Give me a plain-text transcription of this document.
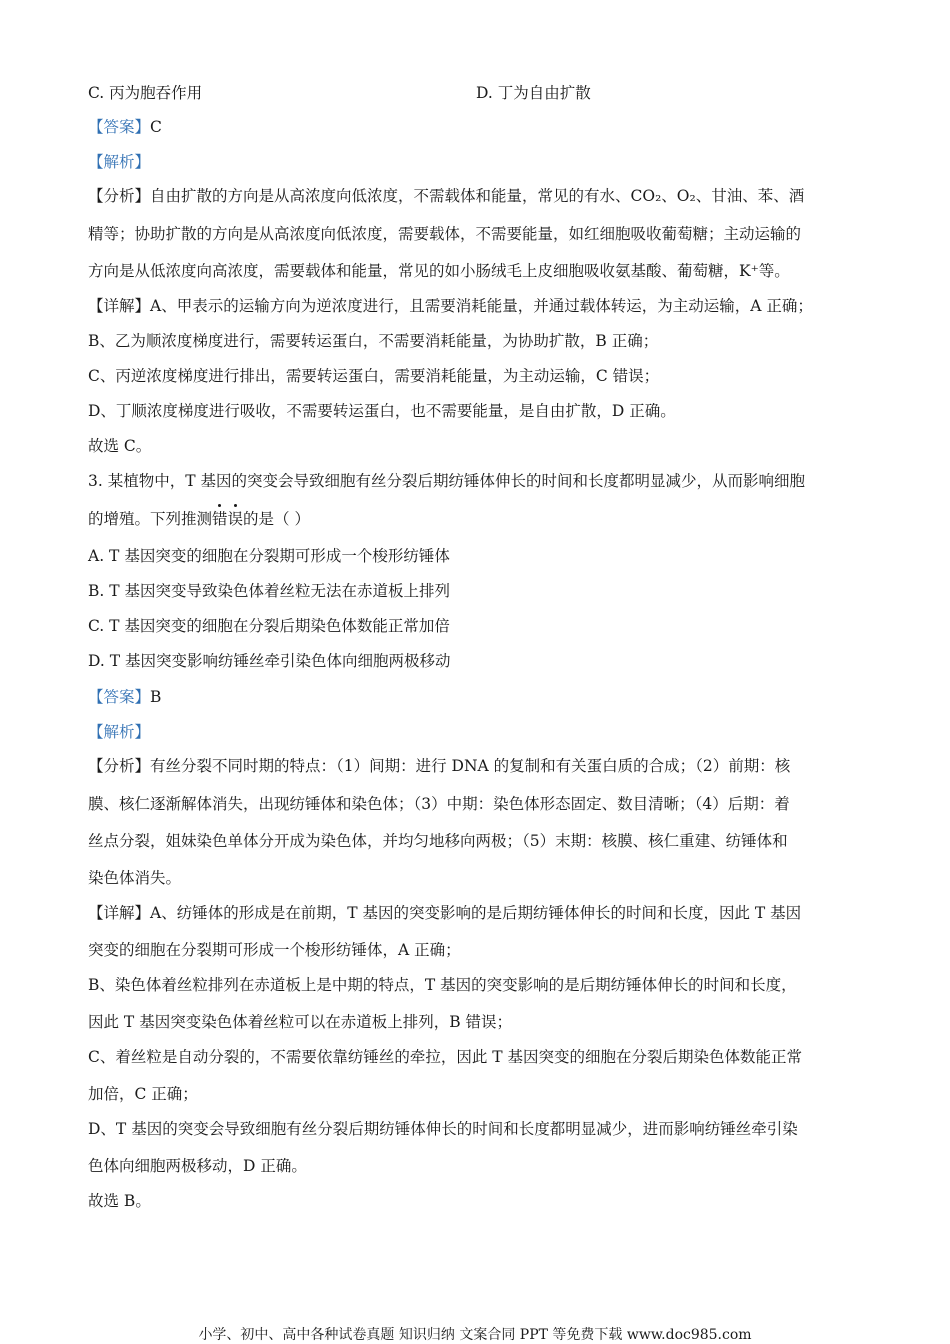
C. 丙为胞吞作用	D. 丁为自由扩散
【答案】C
【解析】
【分析】自由扩散的方向是从高浓度向低浓度，不需载体和能量，常见的有水、CO₂、O₂、甘油、苯、酒
精等；协助扩散的方向是从高浓度向低浓度，需要载体，不需要能量，如红细胞吸收葡萄糖；主动运输的
方向是从低浓度向高浓度，需要载体和能量，常见的如小肠绒毛上皮细胞吸收氨基酸、葡萄糖，K⁺等。
【详解】A、甲表示的运输方向为逆浓度进行，且需要消耗能量，并通过载体转运，为主动运输，A 正确；
B、乙为顺浓度梯度进行，需要转运蛋白，不需要消耗能量，为协助扩散，B 正确；
C、丙逆浓度梯度进行排出，需要转运蛋白，需要消耗能量，为主动运输，C 错误；
D、丁顺浓度梯度进行吸收，不需要转运蛋白，也不需要能量，是自由扩散，D 正确。
故选 C。
3. 某植物中，T 基因的突变会导致细胞有丝分裂后期纺锤体伸长的时间和长度都明显减少，从而影响细胞
的增殖。下列推测
错
误的是（ ）
A. T 基因突变的细胞在分裂期可形成一个梭形纺锤体
B. T 基因突变导致染色体着丝粒无法在赤道板上排列
C. T 基因突变的细胞在分裂后期染色体数能正常加倍
D. T 基因突变影响纺锤丝牵引染色体向细胞两极移动
【答案】B
【解析】
【分析】有丝分裂不同时期的特点：（1）间期：进行 DNA 的复制和有关蛋白质的合成；（2）前期：核
膜、核仁逐渐解体消失，出现纺锤体和染色体；（3）中期：染色体形态固定、数目清晰；（4）后期：着
丝点分裂，姐妹染色单体分开成为染色体，并均匀地移向两极；（5）末期：核膜、核仁重建、纺锤体和
染色体消失。
【详解】A、纺锤体的形成是在前期，T 基因的突变影响的是后期纺锤体伸长的时间和长度，因此 T 基因
突变的细胞在分裂期可形成一个梭形纺锤体，A 正确；
B、染色体着丝粒排列在赤道板上是中期的特点，T 基因的突变影响的是后期纺锤体伸长的时间和长度，
因此 T 基因突变染色体着丝粒可以在赤道板上排列，B 错误；
C、着丝粒是自动分裂的，不需要依靠纺锤丝的牵拉，因此 T 基因突变的细胞在分裂后期染色体数能正常
加倍，C 正确；
D、T 基因的突变会导致细胞有丝分裂后期纺锤体伸长的时间和长度都明显减少，进而影响纺锤丝牵引染
色体向细胞两极移动，D 正确。
故选 B。
小学、初中、高中各种试卷真题 知识归纳 文案合同 PPT 等免费下载 www.doc985.com
